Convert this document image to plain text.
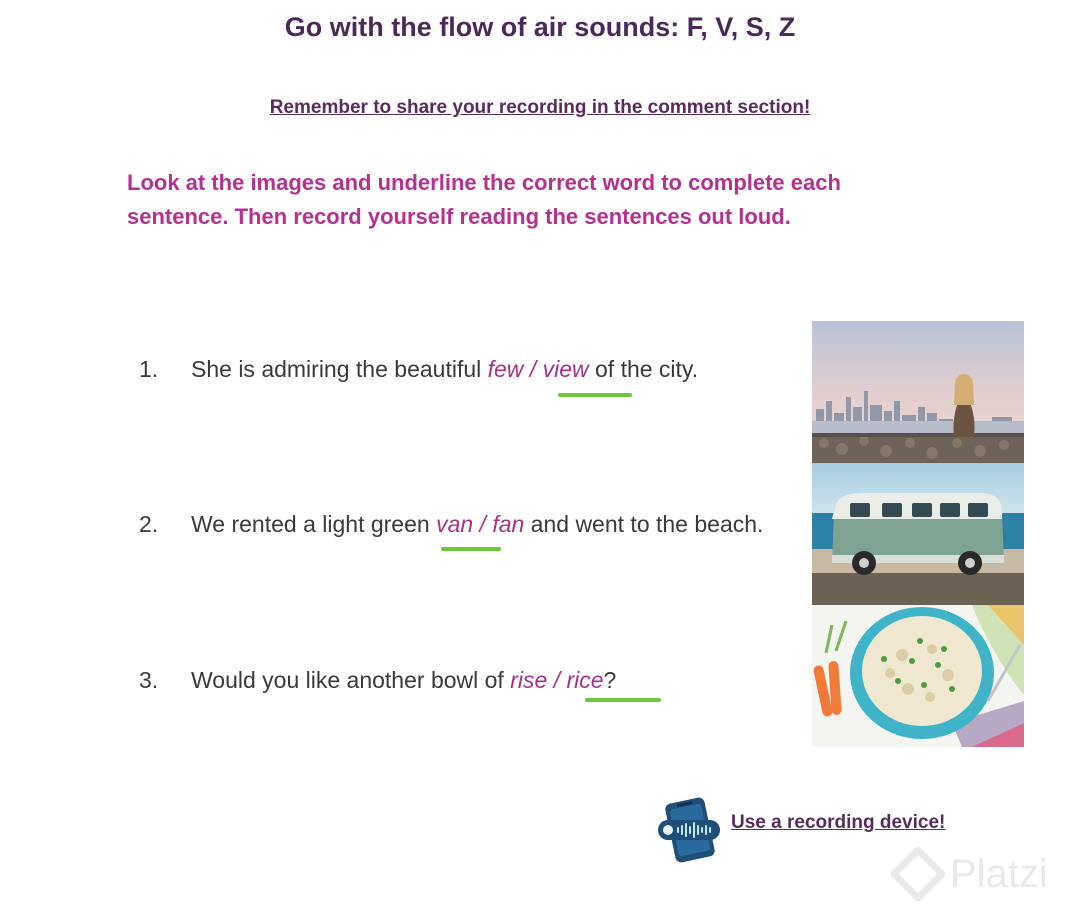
Go with the flow of air sounds: F, V, S, Z
Remember to share your recording in the comment section!
Look at the images and underline the correct word to complete each sentence. Then record yourself reading the sentences out loud.
1. She is admiring the beautiful few / view of the city.
2. We rented a light green van / fan and went to the beach.
3. Would you like another bowl of rise / rice?
Use a recording device!
Platzi
